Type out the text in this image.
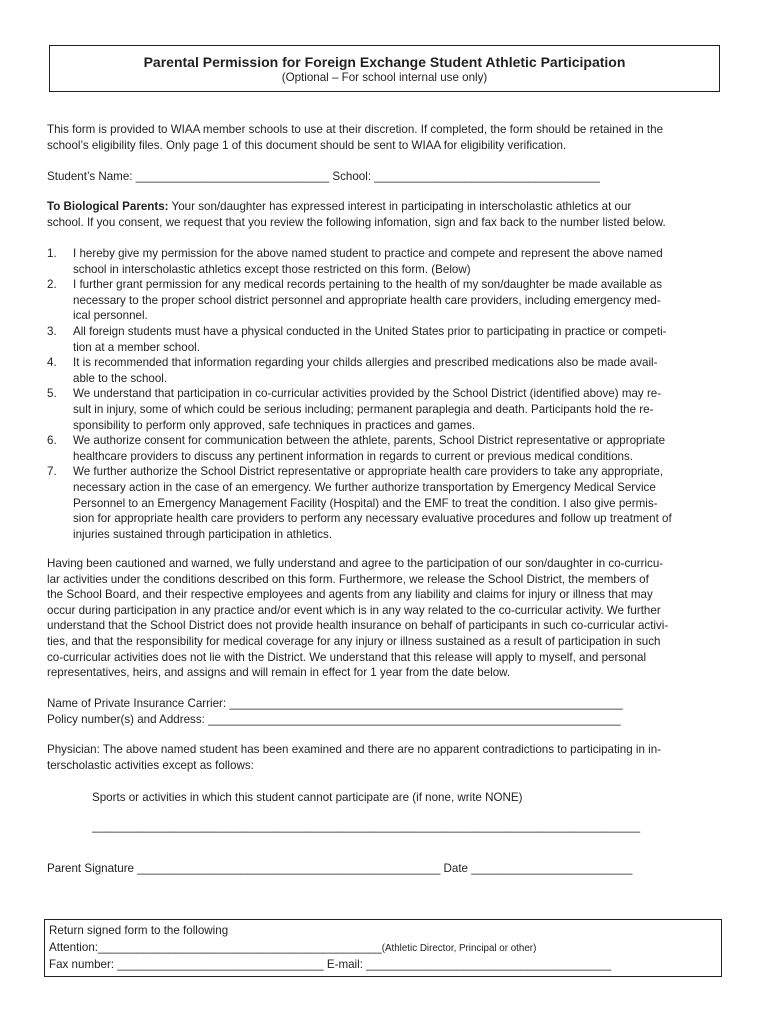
Parental Permission for Foreign Exchange Student Athletic Participation
(Optional – For school internal use only)
This form is provided to WIAA member schools to use at their discretion. If completed, the form should be retained in the
school’s eligibility files. Only page 1 of this document should be sent to WIAA for eligibility verification.
Student’s Name: ______________________________ School: ___________________________________
To Biological Parents: Your son/daughter has expressed interest in participating in interscholastic athletics at our
school. If you consent, we request that you review the following infomation, sign and fax back to the number listed below.
1. I hereby give my permission for the above named student to practice and compete and represent the above named
school in interscholastic athletics except those restricted on this form. (Below)
2. I further grant permission for any medical records pertaining to the health of my son/daughter be made available as
necessary to the proper school district personnel and appropriate health care providers, including emergency med-
ical personnel.
3. All foreign students must have a physical conducted in the United States prior to participating in practice or competi-
tion at a member school.
4. It is recommended that information regarding your childs allergies and prescribed medications also be made avail-
able to the school.
5. We understand that participation in co-curricular activities provided by the School District (identified above) may re-
sult in injury, some of which could be serious including; permanent paraplegia and death. Participants hold the re-
sponsibility to perform only approved, safe techniques in practices and games.
6. We authorize consent for communication between the athlete, parents, School District representative or appropriate
healthcare providers to discuss any pertinent information in regards to current or previous medical conditions.
7. We further authorize the School District representative or appropriate health care providers to take any appropriate,
necessary action in the case of an emergency. We further authorize transportation by Emergency Medical Service
Personnel to an Emergency Management Facility (Hospital) and the EMF to treat the condition. I also give permis-
sion for appropriate health care providers to perform any necessary evaluative procedures and follow up treatment of
injuries sustained through participation in athletics.
Having been cautioned and warned, we fully understand and agree to the participation of our son/daughter in co-curricu-
lar activities under the conditions described on this form. Furthermore, we release the School District, the members of
the School Board, and their respective employees and agents from any liability and claims for injury or illness that may
occur during participation in any practice and/or event which is in any way related to the co-curricular activity. We further
understand that the School District does not provide health insurance on behalf of participants in such co-curricular activi-
ties, and that the responsibility for medical coverage for any injury or illness sustained as a result of participation in such
co-curricular activities does not lie with the District. We understand that this release will apply to myself, and personal
representatives, heirs, and assigns and will remain in effect for 1 year from the date below.
Name of Private Insurance Carrier: _____________________________________________________________
Policy number(s) and Address: ________________________________________________________________
Physician: The above named student has been examined and there are no apparent contradictions to participating in in-
terscholastic activities except as follows:
Sports or activities in which this student cannot participate are (if none, write NONE)
_____________________________________________________________________________________
Parent Signature _______________________________________________ Date _________________________
Return signed form to the following
Attention:____________________________________________(Athletic Director, Principal or other)
Fax number: ________________________________ E-mail: ______________________________________
